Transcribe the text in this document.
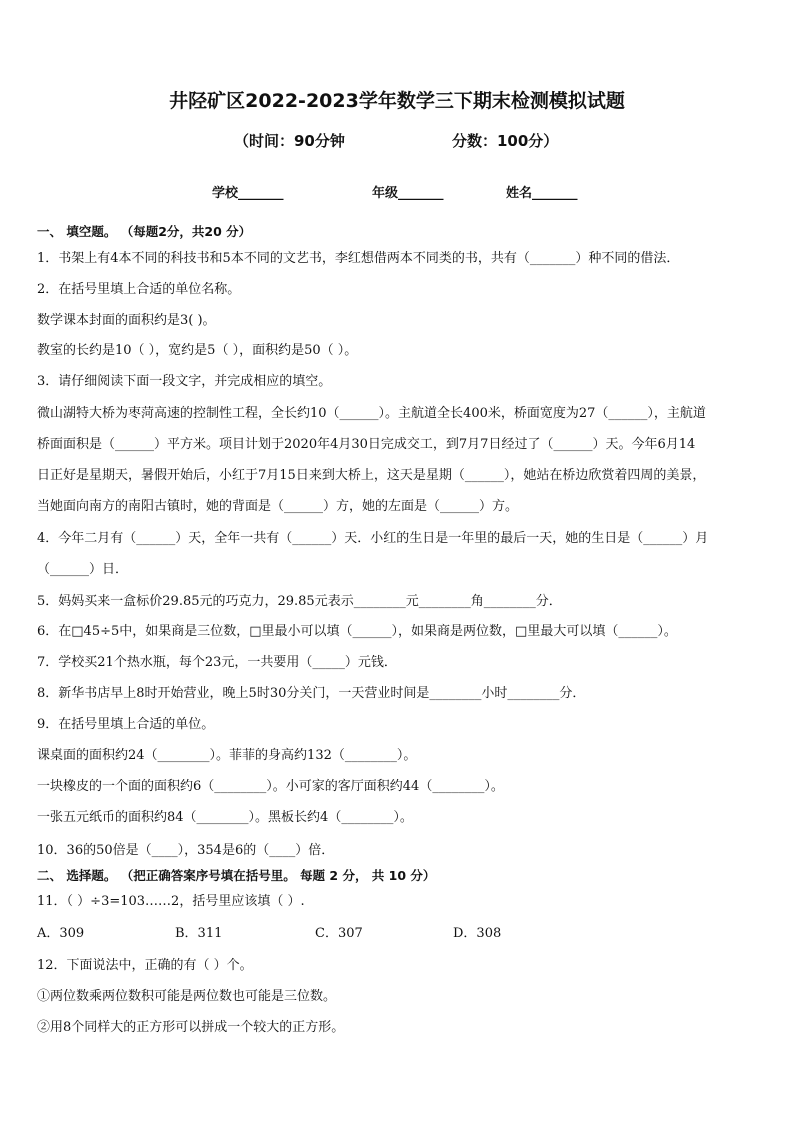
井陉矿区2022-2023学年数学三下期末检测模拟试题
（时间：90分钟	分数：100分）
学校_______	年级_______	姓名_______
一、 填空题。 （每题2分，共20 分）
1．书架上有4本不同的科技书和5本不同的文艺书，李红想借两本不同类的书，共有（_______）种不同的借法．
2．在括号里填上合适的单位名称。
数学课本封面的面积约是3( )。
教室的长约是10（ ），宽约是5（ ），面积约是50（ ）。
3．请仔细阅读下面一段文字，并完成相应的填空。
微山湖特大桥为枣菏高速的控制性工程，全长约10（______）。主航道全长400米，桥面宽度为27（______），主航道
桥面面积是（______）平方米。项目计划于2020年4月30日完成交工，到7月7日经过了（______）天。今年6月14
日正好是星期天，暑假开始后，小红于7月15日来到大桥上，这天是星期（______），她站在桥边欣赏着四周的美景，
当她面向南方的南阳古镇时，她的背面是（______）方，她的左面是（______）方。
4．今年二月有（______）天，全年一共有（______）天．小红的生日是一年里的最后一天，她的生日是（______）月
（______）日．
5．妈妈买来一盒标价29.85元的巧克力，29.85元表示________元________角________分．
6．在□45÷5中，如果商是三位数，□里最小可以填（______），如果商是两位数，□里最大可以填（______）。
7．学校买21个热水瓶，每个23元，一共要用（_____）元钱．
8．新华书店早上8时开始营业，晚上5时30分关门，一天营业时间是________小时________分．
9．在括号里填上合适的单位。
课桌面的面积约24（________）。菲菲的身高约132（________）。
一块橡皮的一个面的面积约6（________）。小可家的客厅面积约44（________）。
一张五元纸币的面积约84（________）。黑板长约4（________）。
10．36的50倍是（____），354是6的（____）倍．
二、 选择题。 （把正确答案序号填在括号里。 每题 2 分， 共 10 分）
11．（ ）÷3=103……2，括号里应该填（ ）.
A．309	B．311	C．307	D．308
12．下面说法中，正确的有（ ）个。
①两位数乘两位数积可能是两位数也可能是三位数。
②用8个同样大的正方形可以拼成一个较大的正方形。
